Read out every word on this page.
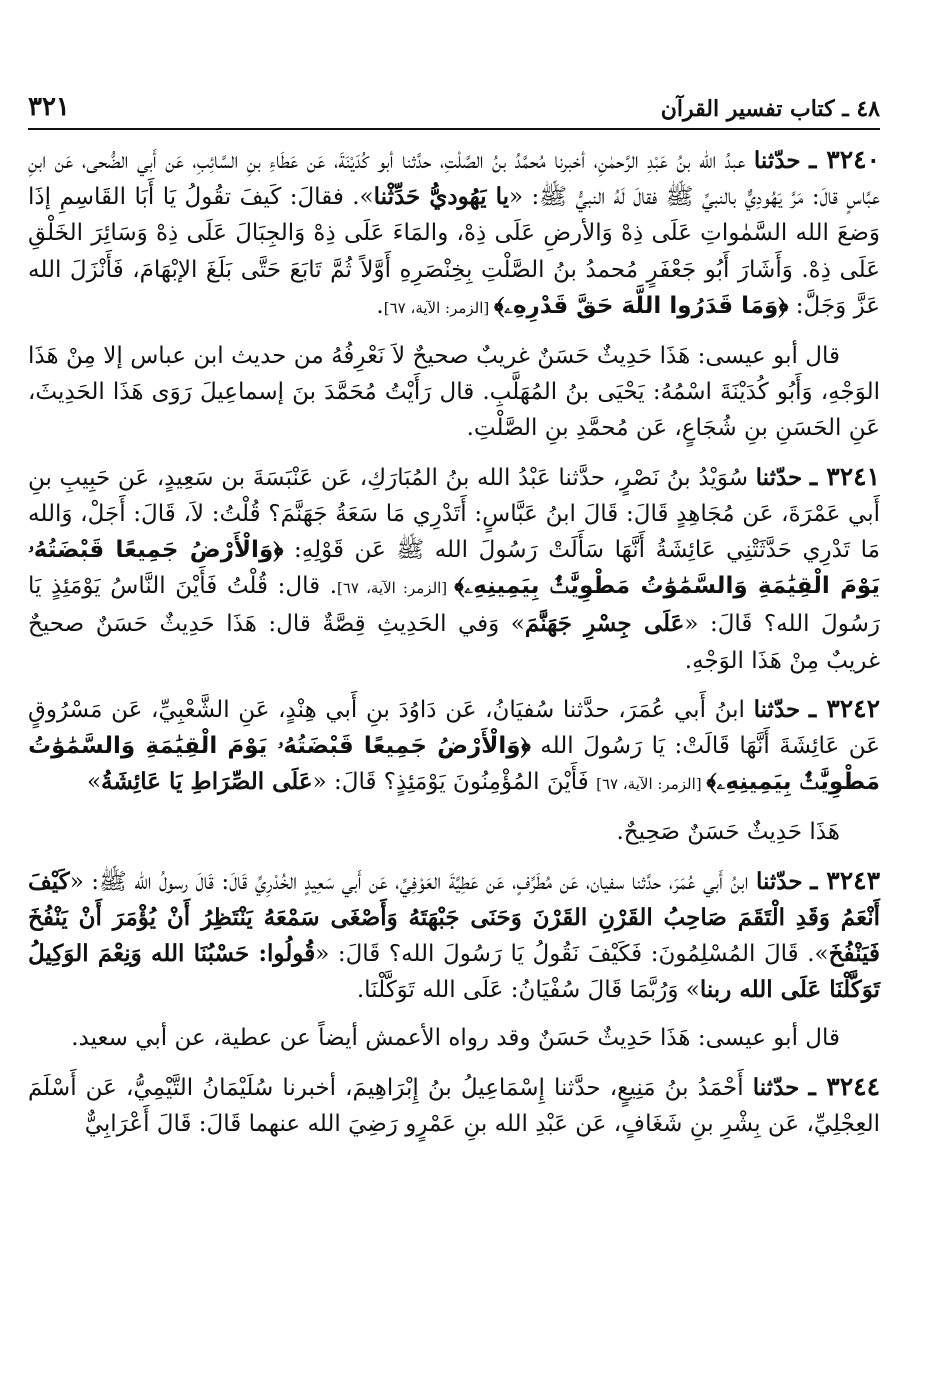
٤٨ ـ كتاب تفسير القرآن
٣٢١

٣٢٤٠ ـ حدّثنا عبدُ الله بنُ عَبْدِ الرَّحمٰنِ، أخبرنا مُحمَّدُ بنُ الصَّلْتِ، حدَّثنا أبو كُدَيْنَةَ، عَن عَطَاءِ بنِ السَّائِبِ، عَن أَبي الضُّحى، عَن ابنِ عبَّاسٍ قالَ: مَرَّ يَهُودِيٌّ بالنبيِّ ﷺ فقالَ لَهُ النبيُّ ﷺ: «يا يَهُوديُّ حَدِّثْنا». فقالَ: كَيفَ تقُولُ يَا أَبَا القَاسِمِ إذَا وَضعَ الله السَّمٰواتِ عَلَى ذِهْ وَالأرضِ عَلَى ذِهْ، والمَاءَ عَلَى ذِهْ وَالجِبَالَ عَلَى ذِهْ وَسَائِرَ الخَلْقِ عَلَى ذِهْ. وَأَشَارَ أَبُو جَعْفَرٍ مُحمدُ بنُ الصَّلْتِ بِخِنْصَرِهِ أَوَّلاً ثُمَّ تَابَعَ حَتَّى بَلَغَ الإبْهَامَ، فَأَنْزَلَ الله عَزَّ وَجَلَّ: ﴿وَمَا قَدَرُوا اللَّهَ حَقَّ قَدْرِهِۦ﴾ [الزمر: الآية، ٦٧].

قال أبو عيسى: هَذَا حَدِيثٌ حَسَنٌ غريبٌ صحيحٌ لاَ نَعْرِفُهُ من حديث ابن عباس إلا مِنْ هَذَا الوَجْهِ، وَأَبُو كُدَيْنَةَ اسْمُهُ: يَحْيَى بنُ المُهَلَّبِ. قال رَأَيْتُ مُحَمَّدَ بنَ إسماعِيلَ رَوَى هَذَا الحَدِيثَ، عَنِ الحَسَنِ بنِ شُجَاعٍ، عَن مُحمَّدِ بنِ الصَّلْتِ.

٣٢٤١ ـ حدّثنا سُوَيْدُ بنُ نَصْرٍ، حدَّثنا عَبْدُ الله بنُ المُبَارَكِ، عَن عَنْبَسَةَ بن سَعِيدٍ، عَن حَبِيبِ بنِ أَبي عَمْرَةَ، عَن مُجَاهِدٍ قَالَ: قَالَ ابنُ عَبَّاسٍ: أَتَدْرِي مَا سَعَةُ جَهَنَّمَ؟ قُلْتُ: لاَ، قَالَ: أَجَلْ، وَالله مَا تَدْرِي حَدَّثَتْنِي عَائِشَةُ أَنَّهَا سَأَلَتْ رَسُولَ الله ﷺ عَن قَوْلِهِ: ﴿وَالْأَرْضُ جَمِيعًا قَبْضَتُهُۥ يَوْمَ الْقِيَٰمَةِ وَالسَّمَٰوَٰتُ مَطْوِيَّٰتٌۢ بِيَمِينِهِۦ﴾ [الزمر: الآية، ٦٧]. قال: قُلْتُ فَأَيْنَ النَّاسُ يَوْمَئِذٍ يَا رَسُولَ الله؟ قَالَ: «عَلَى جِسْرِ جَهَنَّمَ» وَفي الحَدِيثِ قِصَّةٌ قال: هَذَا حَدِيثٌ حَسَنٌ صحيحٌ غريبٌ مِنْ هَذَا الوَجْهِ.

٣٢٤٢ ـ حدّثنا ابنُ أَبي عُمَرَ، حدَّثنا سُفيَانُ، عَن دَاوُدَ بنِ أَبي هِنْدٍ، عَنِ الشَّعْبِيِّ، عَن مَسْرُوقٍ عَن عَائِشَةَ أَنَّهَا قَالَتْ: يَا رَسُولَ الله ﴿وَالْأَرْضُ جَمِيعًا قَبْضَتُهُۥ يَوْمَ الْقِيَٰمَةِ وَالسَّمَٰوَٰتُ مَطْوِيَّٰتٌۢ بِيَمِينِهِۦ﴾ [الزمر: الآية، ٦٧] فَأَيْنَ المُؤْمِنُونَ يَوْمَئِذٍ؟ قَالَ: «عَلَى الصِّرَاطِ يَا عَائِشَةُ»

هَذَا حَدِيثٌ حَسَنٌ صَحِيحٌ.

٣٢٤٣ ـ حدّثنا ابنُ أَبي عُمَرَ، حدَّثنا سفيان، عَن مُطَرِّفٍ، عَن عَطِيَّةَ العَوْفِيِّ، عَن أَبي سَعِيدٍ الخُدْرِيِّ قَالَ: قَالَ رسولُ الله ﷺ: «كَيْفَ أَنْعَمُ وَقَدِ الْتَقَمَ صَاحِبُ القَرْنِ القَرْنَ وَحَنَى جَبْهَتَهُ وَأَصْغَى سَمْعَهُ يَنْتَظِرُ أَنْ يُؤْمَرَ أَنْ يَنْفُخَ فَيَنْفُخَ». قَالَ المُسْلِمُونَ: فَكَيْفَ نَقُولُ يَا رَسُولَ الله؟ قَالَ: «قُولُوا: حَسْبُنَا الله وَنِعْمَ الوَكِيلُ تَوَكَّلْنَا عَلَى الله ربنا» وَرُبَّمَا قَالَ سُفْيَانُ: عَلَى الله تَوَكَّلْنَا.

قال أبو عيسى: هَذَا حَدِيثٌ حَسَنٌ وقد رواه الأعمش أيضاً عن عطية، عن أبي سعيد.

٣٢٤٤ ـ حدّثنا أَحْمَدُ بنُ مَنِيعٍ، حدَّثنا إِسْمَاعِيلُ بنُ إِبْرَاهِيمَ، أخبرنا سُلَيْمَانُ التَّيْمِيُّ، عَن أَسْلَمَ العِجْلِيِّ، عَن بِشْرِ بنِ شَغَافٍ، عَن عَبْدِ الله بنِ عَمْرٍو رَضِيَ الله عنهما قَالَ: قَالَ أَعْرَابِيٌّ
